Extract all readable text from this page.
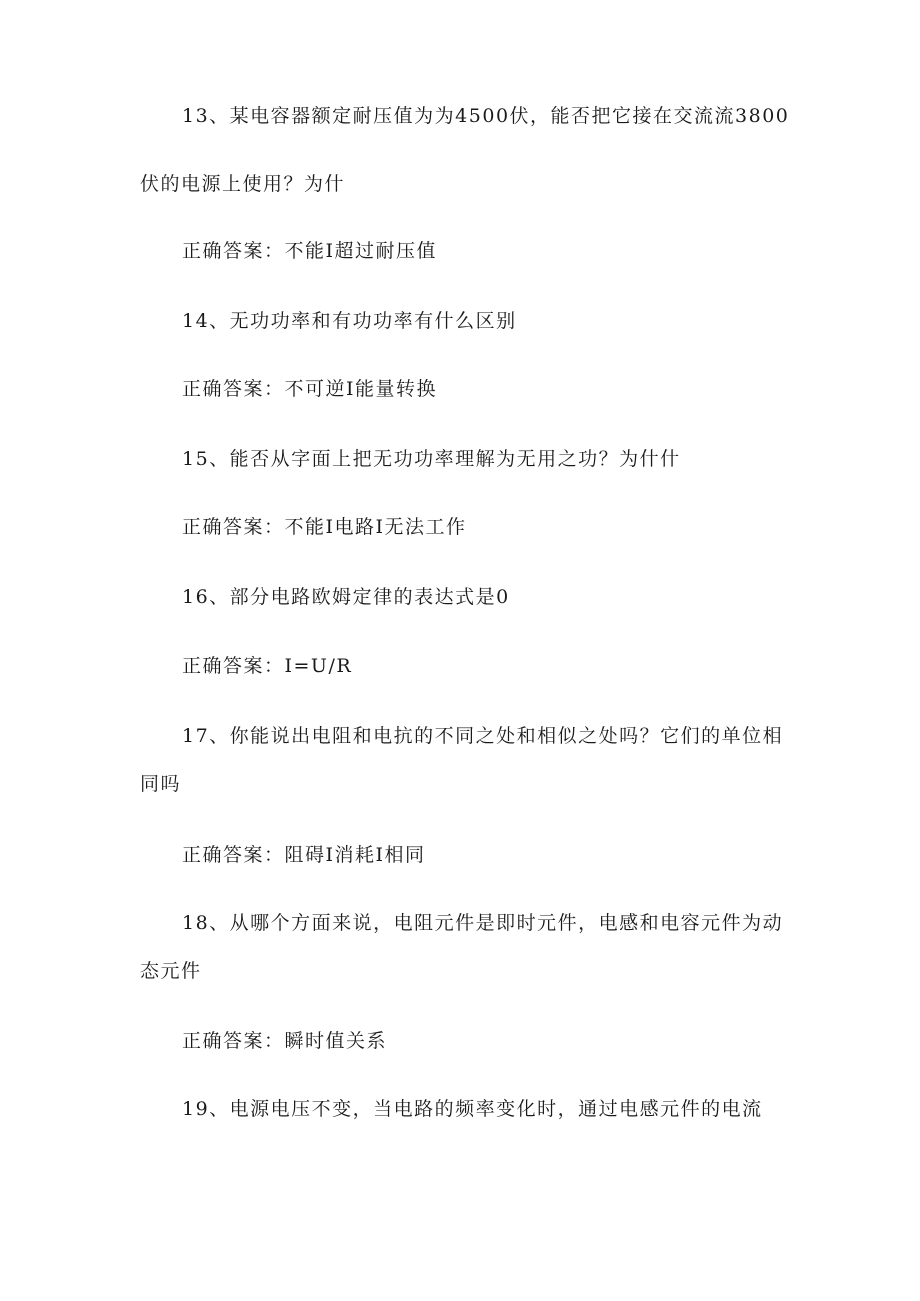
13、某电容器额定耐压值为为4500伏，能否把它接在交流流3800
伏的电源上使用？为什
正确答案：不能I超过耐压值
14、无功功率和有功功率有什么区别
正确答案：不可逆I能量转换
15、能否从字面上把无功功率理解为无用之功？为什什
正确答案：不能I电路I无法工作
16、部分电路欧姆定律的表达式是0
正确答案：I=U/R
17、你能说出电阻和电抗的不同之处和相似之处吗？它们的单位相
同吗
正确答案：阻碍I消耗I相同
18、从哪个方面来说，电阻元件是即时元件，电感和电容元件为动
态元件
正确答案：瞬时值关系
19、电源电压不变，当电路的频率变化时，通过电感元件的电流
